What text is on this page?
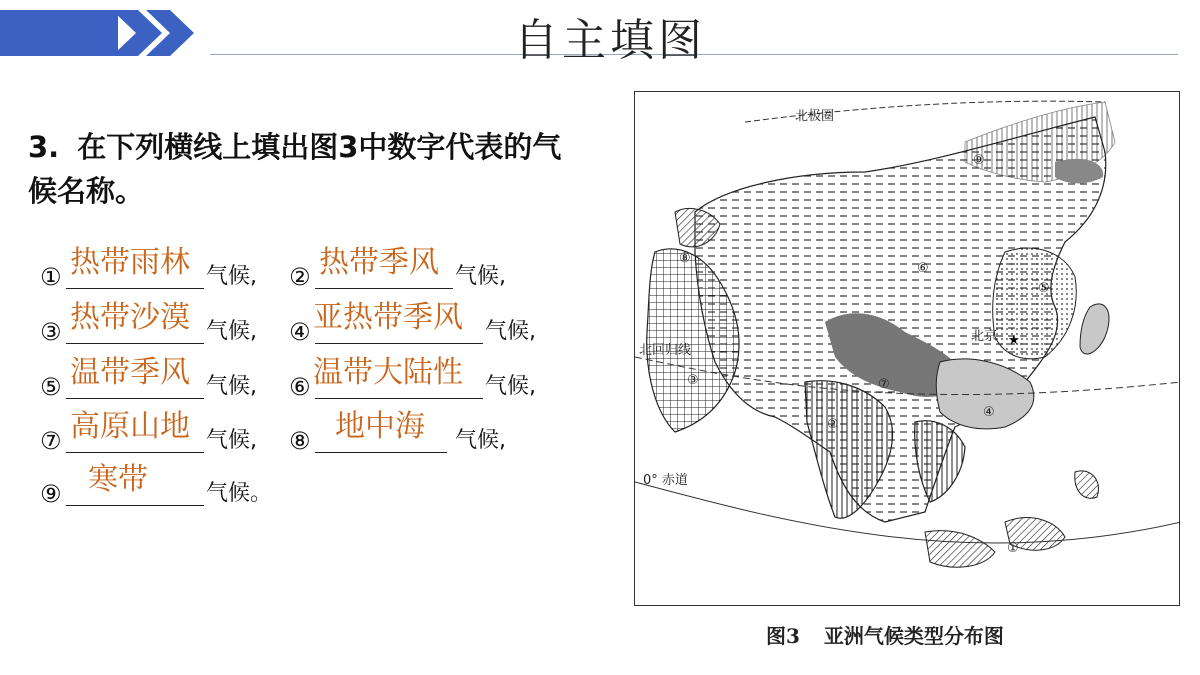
自主填图
3. 在下列横线上填出图3中数字代表的气候名称。
① 热带雨林 气候,
② 热带季风 气候,
③ 热带沙漠 气候,
④ 亚热带季风 气候,
⑤ 温带季风 气候,
⑥ 温带大陆性 气候,
⑦ 高原山地 气候,
⑧ 地中海 气候,
⑨ 寒带	气候。
★
北极圈
北回归线
0° 赤道
北京
①
②
③
④
⑤
⑥
⑦
⑧
⑨
图3 亚洲气候类型分布图
